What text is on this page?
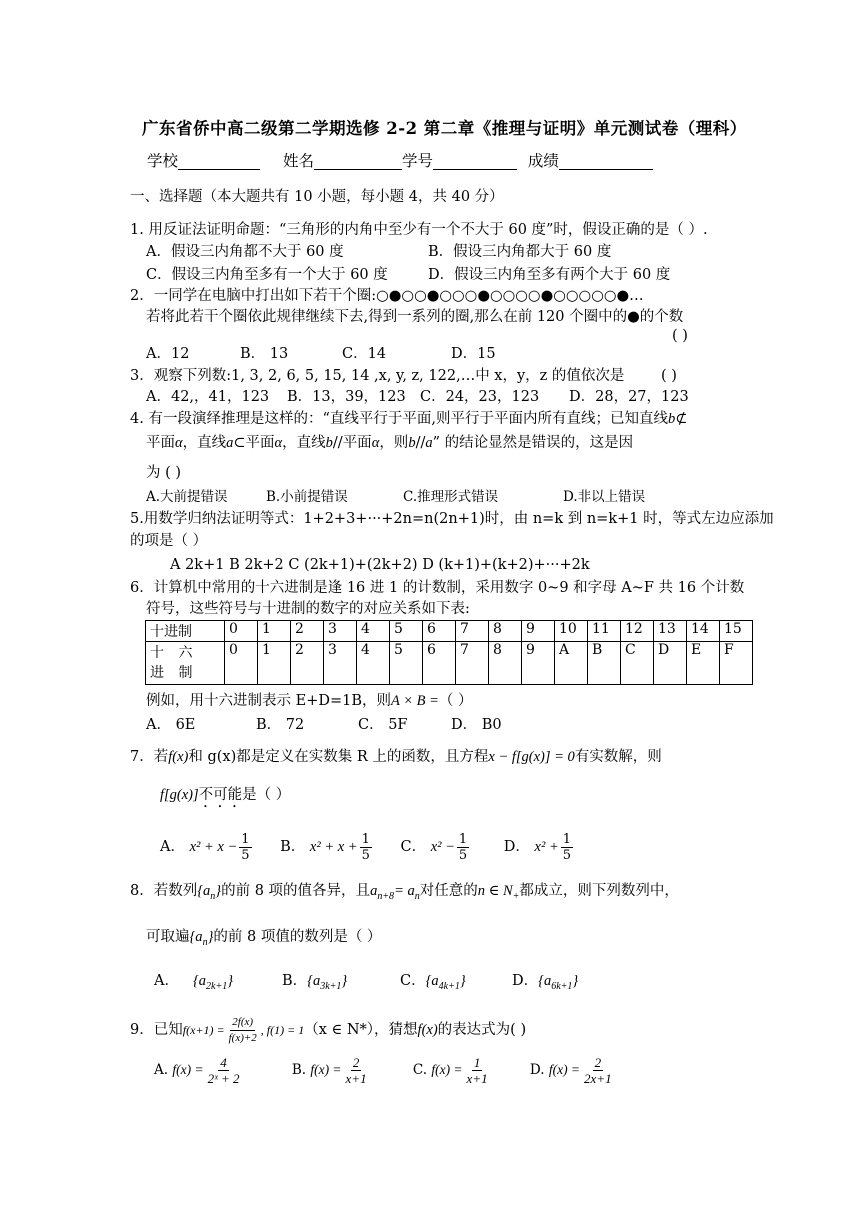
广东省侨中高二级第二学期选修 2-2 第二章《推理与证明》单元测试卷（理科）
学校	姓名	学号	成绩
一、选择题（本大题共有 10 小题，每小题 4，共 40 分）
1. 用反证法证明命题：“三角形的内角中至少有一个不大于 60 度”时，假设正确的是（ ）.
A．假设三内角都不大于 60 度	B．假设三内角都大于 60 度
C．假设三内角至多有一个大于 60 度	D．假设三内角至多有两个大于 60 度
2．一同学在电脑中打出如下若干个圈:○●○○●○○○●○○○○●○○○○○●…
若将此若干个圈依此规律继续下去,得到一系列的圈,那么在前 120 个圈中的●的个数
( )
A．12	B． 13	C．14	D．15
3．观察下列数:1, 3, 2, 6, 5, 15, 14 ,x, y, z, 122,…中 x，y，z 的值依次是	( )
A．42,，41，123 B．13，39，123 C．24，23，123 D．28，27，123
4. 有一段演绎推理是这样的：“直线平行于平面,则平行于平面内所有直线；已知直线b⊄
平面α，直线a⊂平面α，直线b//平面α，则b//a” 的结论显然是错误的，这是因
为 ( )
A.大前提错误	B.小前提错误	C.推理形式错误	D.非以上错误
5.用数学归纳法证明等式：1+2+3+···+2n=n(2n+1)时，由 n=k 到 n=k+1 时，等式左边应添加
的项是（ ）
A 2k+1 B 2k+2 C (2k+1)+(2k+2) D (k+1)+(k+2)+···+2k
6．计算机中常用的十六进制是逢 16 进 1 的计数制，采用数字 0~9 和字母 A~F 共 16 个计数
符号，这些符号与十进制的数字的对应关系如下表:
十进制	0	1	2	3	4	5	6	7	8	9	10	11	12	13	14	15
十 六 进 制	0	1	2	3	4	5	6	7	8	9	A	B	C	D	E	F
例如，用十六进制表示 E+D=1B，则A × B =（ ）
A． 6E	B． 72	C． 5F	D． B0
7．若f(x)和 g(x)都是定义在实数集 R 上的函数，且方程x − f[g(x)] = 0有实数解，则
f[g(x)]不可能是（ ）
A． $x^2 + x - \frac{1}{5}$ B． $x^2 + x + \frac{1}{5}$ C． $x^2 - \frac{1}{5}$ D． $x^2 + \frac{1}{5}$
8．若数列$\{a_n\}$的前 8 项的值各异，且$a_{n+8}= a_n$对任意的n ∈ $N_+$都成立，则下列数列中，
可取遍$\{a_n\}$的前 8 项值的数列是（ ）
A． $\{a_{2k+1}\}$	B．$\{a_{3k+1}\}$	C．$\{a_{4k+1}\}$	D．$\{a_{6k+1}\}$
9．已知$f(x+1) = \frac{2f(x)}{f(x)+2}$ , f(1) = 1（x ∈ N*），猜想f(x)的表达式为( )
A. $f(x) = \frac{4}{\text{2ˣ + 2}}$	B. $f(x) = \frac{2}{x+1}$	C. $f(x) = \frac{1}{x+1}$	D. $f(x) = \frac{2}{2x+1}$
